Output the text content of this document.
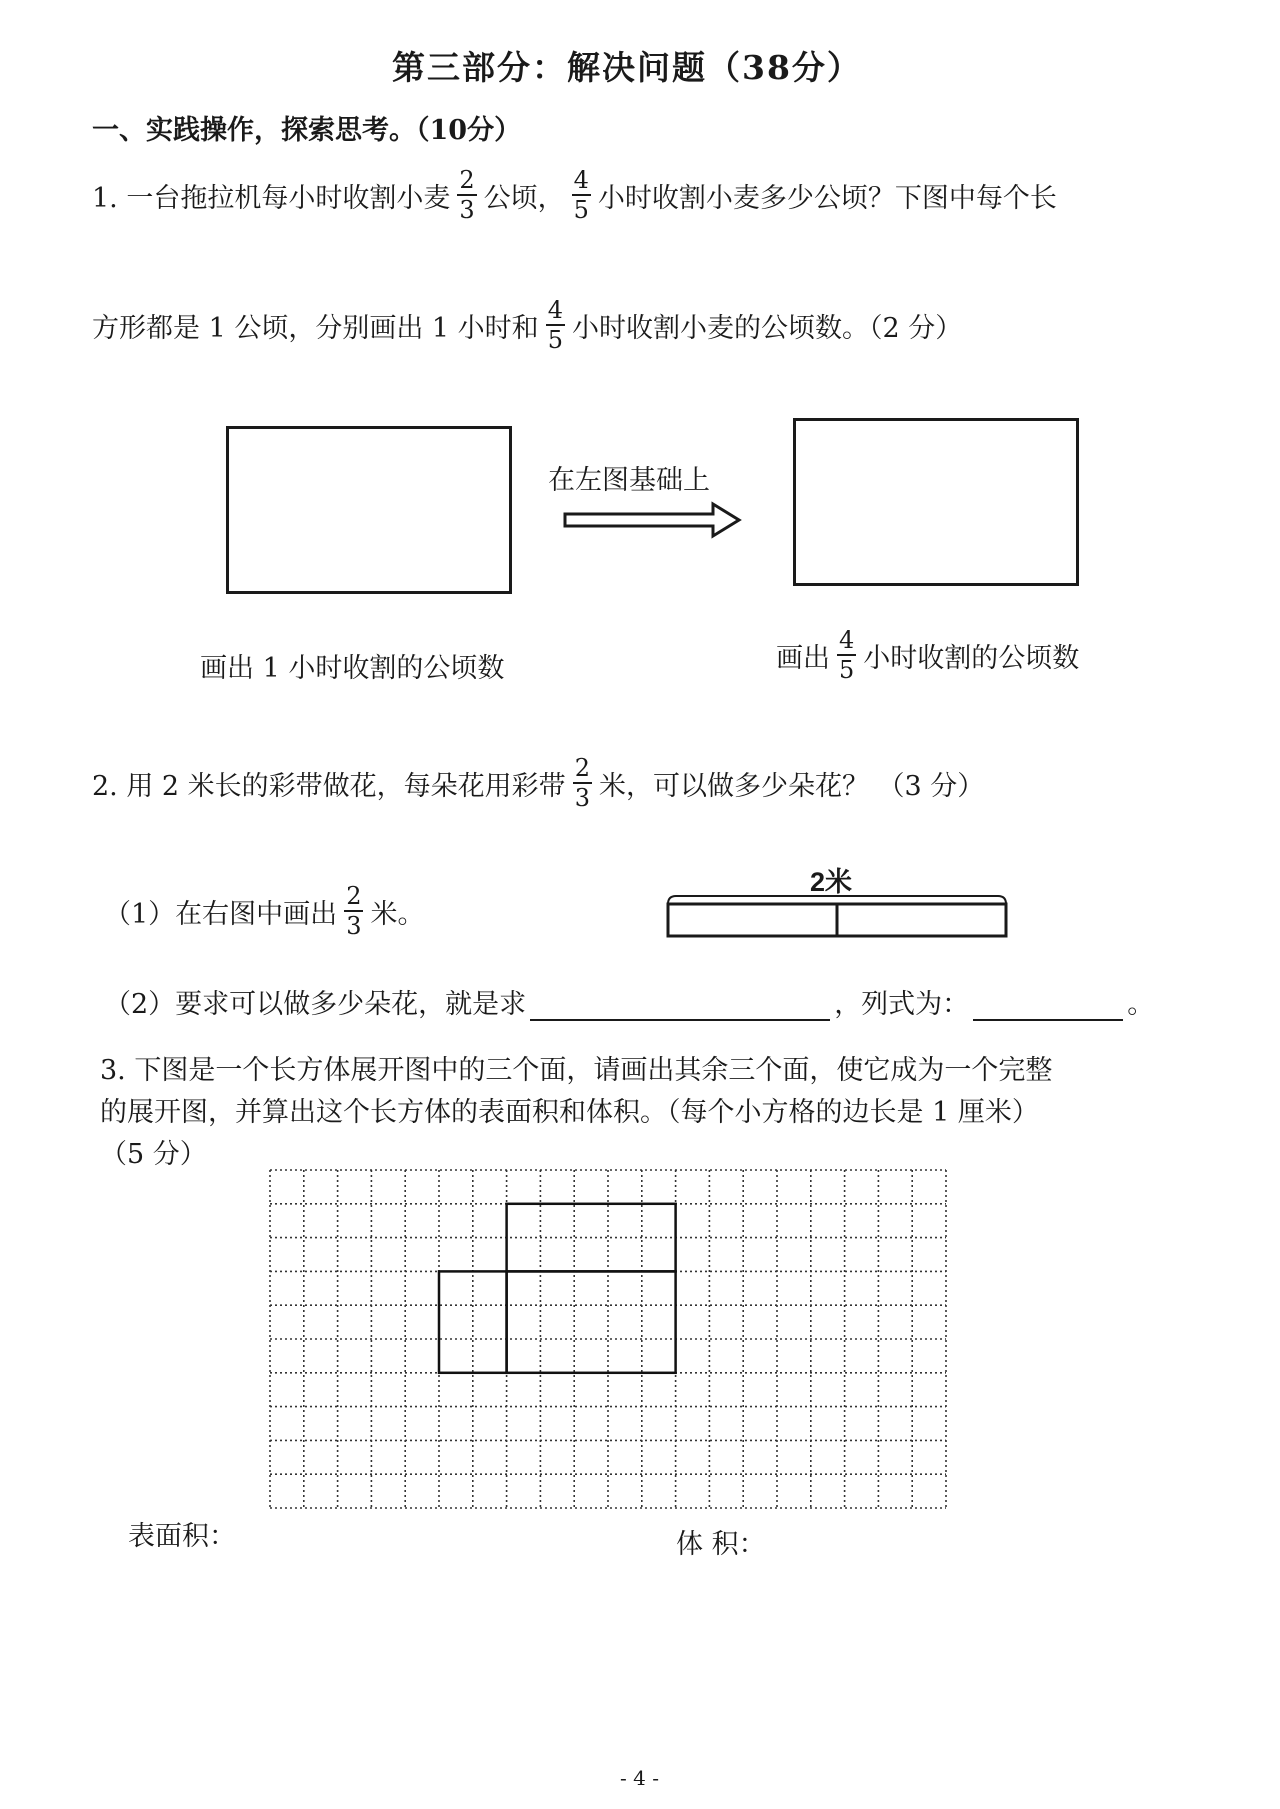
第三部分：解决问题（38分）
一、实践操作，探索思考。（10分）
1. 一台拖拉机每小时收割小麦 $\frac{2}{3}$ 公顷， $\frac{4}{5}$ 小时收割小麦多少公顷？下图中每个长
方形都是 1 公顷，分别画出 1 小时和 $\frac{4}{5}$ 小时收割小麦的公顷数。（2 分）
在左图基础上
画出 1 小时收割的公顷数	画出 $\frac{4}{5}$ 小时收割的公顷数
2. 用 2 米长的彩带做花，每朵花用彩带 $\frac{2}{3}$ 米，可以做多少朵花？ （3 分）
（1）在右图中画出 $\frac{2}{3}$ 米。
2米
（2）要求可以做多少朵花，就是求	，列式为：	。
3. 下图是一个长方体展开图中的三个面，请画出其余三个面，使它成为一个完整
的展开图，并算出这个长方体的表面积和体积。（每个小方格的边长是 1 厘米）
（5 分）
表面积：	体 积：
- 4 -
